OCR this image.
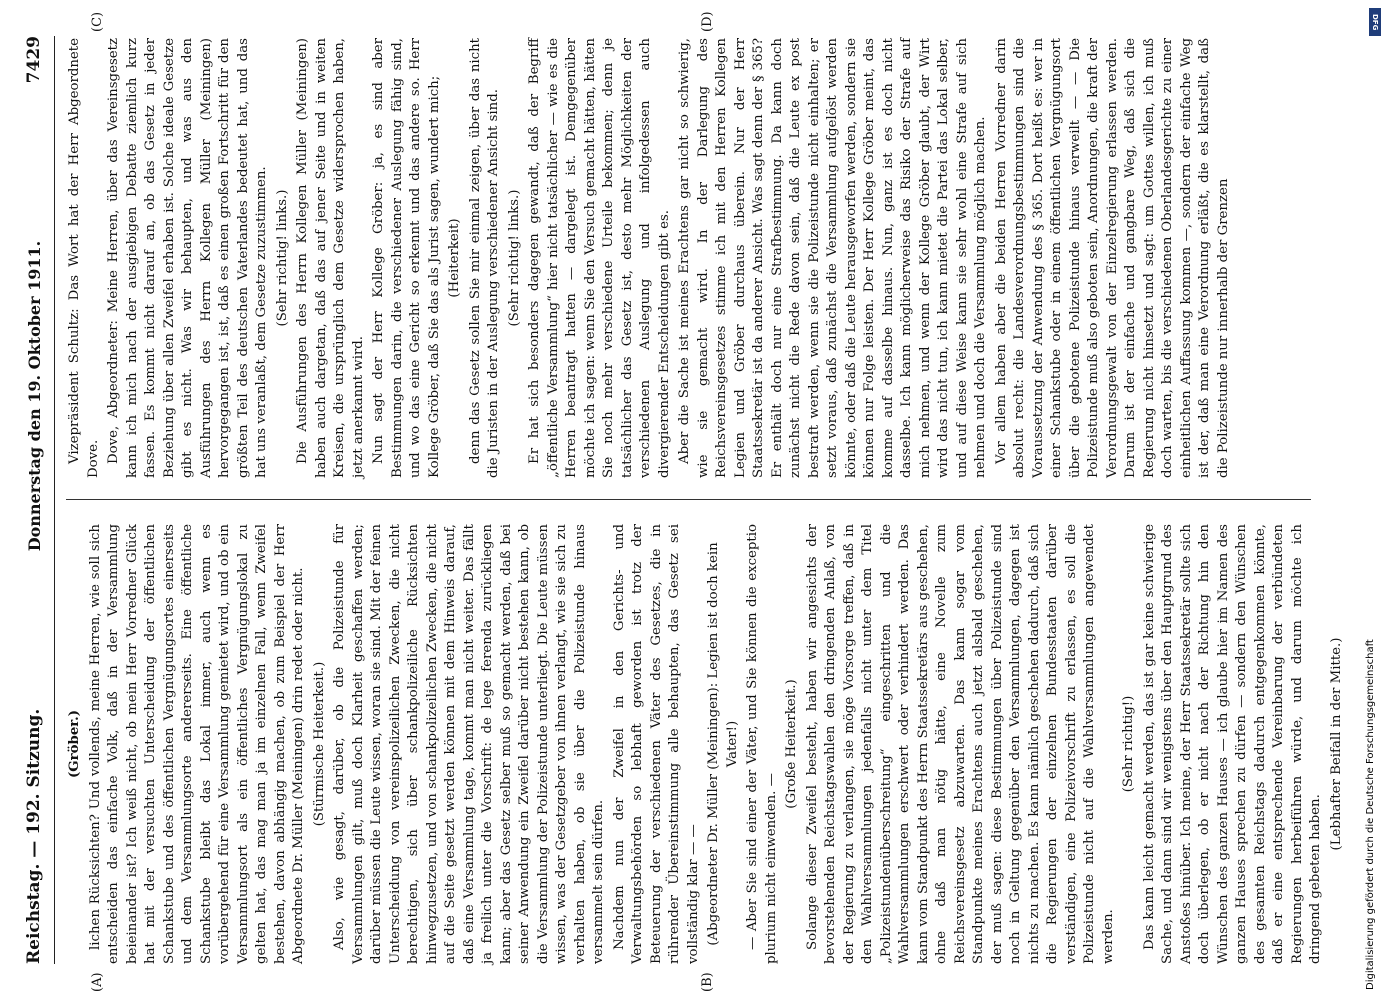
Reichstag. — 192. Sitzung.
Donnerstag den 19. Oktober 1911.
7429
(A)	(B)
(C)	(D)

(Gröber.) lichen Rücksichten? Und vollends, meine Herren, wie soll sich entscheiden das einfache Volk, daß in der Versammlung beieinander ist? Ich weiß nicht, ob mein Herr Vorredner Glück hat mit der versuchten Unterscheidung der öffentlichen Schankstube und des öffentlichen Vergnügungsortes einerseits und dem Versammlungsorte andererseits. Eine öffentliche Schankstube bleibt das Lokal immer, auch wenn es vorübergehend für eine Versammlung gemietet wird, und ob ein Versammlungsort als ein öffentliches Vergnügungslokal zu gelten hat, das mag man ja im einzelnen Fall, wenn Zweifel bestehen, davon abhängig machen, ob zum Beispiel der Herr Abgeordnete Dr. Müller (Meiningen) drin redet oder nicht. (Stürmische Heiterkeit.) Also, wie gesagt, darüber, ob die Polizeistunde für Versammlungen gilt, muß doch Klarheit geschaffen werden; darüber müssen die Leute wissen, woran sie sind. Mit der feinen Unterscheidung von vereinspolizeilichen Zwecken, die nicht berechtigen, sich über schankpolizeiliche Rücksichten hinwegzusetzen, und von schankpolizeilichen Zwecken, die nicht auf die Seite gesetzt werden können mit dem Hinweis darauf, daß eine Versammlung tage, kommt man nicht weiter. Das fällt ja freilich unter die Vorschrift: de lege ferenda zurückliegen kann; aber das Gesetz selber muß so gemacht werden, daß bei seiner Anwendung ein Zweifel darüber nicht bestehen kann, ob die Versammlung der Polizeistunde unterliegt. Die Leute müssen wissen, was der Gesetzgeber von ihnen verlangt, wie sie sich zu verhalten haben, ob sie über die Polizeistunde hinaus versammelt sein dürfen. Nachdem nun der Zweifel in den Gerichts- und Verwaltungsbehörden so lebhaft geworden ist trotz der Beteuerung der verschiedenen Väter des Gesetzes, die in rührender Übereinstimmung alle behaupten, das Gesetz sei vollständig klar — — (Abgeordneter Dr. Müller (Meiningen): Legien ist doch kein Vater!) — Aber Sie sind einer der Väter, und Sie können die exceptio plurium nicht einwenden. —

(Große Heiterkeit.) Solange dieser Zweifel besteht, haben wir angesichts der bevorstehenden Reichstagswahlen den dringenden Anlaß, von der Regierung zu verlangen, sie möge Vorsorge treffen, daß in den Wahlversammlungen jedenfalls nicht unter dem Titel „Polizeistundenüberschreitung“ eingeschritten und die Wahlversammlungen erschwert oder verhindert werden. Das kann vom Standpunkt des Herrn Staatssekretärs aus geschehen, ohne daß man nötig hätte, eine Novelle zum Reichsvereinsgesetz abzuwarten. Das kann sogar vom Standpunkte meines Erachtens auch jetzt alsbald geschehen, der muß sagen: diese Bestimmungen über Polizeistunde sind noch in Geltung gegenüber den Versammlungen, dagegen ist nichts zu machen. Es kann nämlich geschehen dadurch, daß sich die Regierungen der einzelnen Bundesstaaten darüber verständigen, eine Polizeivorschrift zu erlassen, es soll die Polizeistunde nicht auf die Wahlversammlungen angewendet werden.

(Sehr richtig!) Das kann leicht gemacht werden, das ist gar keine schwierige Sache, und dann sind wir wenigstens über den Hauptgrund des Anstoßes hinüber. Ich meine, der Herr Staatssekretär sollte sich doch überlegen, ob er nicht nach der Richtung hin den Wünschen des ganzen Hauses — ich glaube hier im Namen des ganzen Hauses sprechen zu dürfen — sondern den Wünschen des gesamten Reichstags dadurch entgegenkommen könnte, daß er eine entsprechende Vereinbarung der verbündeten Regierungen herbeiführen würde, und darum möchte ich dringend gebeten haben.

(Lebhafter Beifall in der Mitte.)

Vizepräsident Schultz: Das Wort hat der Herr Abgeordnete Dove. Dove, Abgeordneter: Meine Herren, über das Vereinsgesetz kann ich mich nach der ausgiebigen Debatte ziemlich kurz fassen. Es kommt nicht darauf an, ob das Gesetz in jeder Beziehung über allen Zweifel erhaben ist. Solche ideale Gesetze gibt es nicht. Was wir behaupten, und was aus den Ausführungen des Herrn Kollegen Müller (Meiningen) hervorgegangen ist, ist, daß es einen großen Fortschritt für den größten Teil des deutschen Vaterlandes bedeutet hat, und das hat uns veranlaßt, dem Gesetze zuzustimmen. (Sehr richtig! links.) Die Ausführungen des Herrn Kollegen Müller (Meiningen) haben auch dargetan, daß das auf jener Seite und in weiten Kreisen, die ursprünglich dem Gesetze widersprochen haben, jetzt anerkannt wird. Nun sagt der Herr Kollege Gröber: ja, es sind aber Bestimmungen darin, die verschiedener Auslegung fähig sind, und wo das eine Gericht so erkennt und das andere so. Herr Kollege Gröber, daß Sie das als Jurist sagen, wundert mich; (Heiterkeit) denn das Gesetz sollen Sie mir einmal zeigen, über das nicht die Juristen in der Auslegung verschiedener Ansicht sind. (Sehr richtig! links.) Er hat sich besonders dagegen gewandt, daß der Begriff „öffentliche Versammlung“ hier nicht tatsächlicher — wie es die Herren beantragt hatten — dargelegt ist. Demgegenüber möchte ich sagen: wenn Sie den Versuch gemacht hätten, hätten Sie noch mehr verschiedene Urteile bekommen; denn je tatsächlicher das Gesetz ist, desto mehr Möglichkeiten der verschiedenen Auslegung und infolgedessen auch divergierender Entscheidungen gibt es. Aber die Sache ist meines Erachtens gar nicht so schwierig, wie sie gemacht wird. In der Darlegung des Reichsvereinsgesetzes stimme ich mit den Herren Kollegen Legien und Gröber durchaus überein. Nur der Herr Staatssekretär ist da anderer Ansicht. Was sagt denn der § 365? Er enthält doch nur eine Strafbestimmung. Da kann doch zunächst nicht die Rede davon sein, daß die Leute ex post bestraft werden, wenn sie die Polizeistunde nicht einhalten; er setzt voraus, daß zunächst die Versammlung aufgelöst werden könnte, oder daß die Leute herausgeworfen werden, sondern sie können nur Folge leisten. Der Herr Kollege Gröber meint, das komme auf dasselbe hinaus. Nun, ganz ist es doch nicht dasselbe. Ich kann möglicherweise das Risiko der Strafe auf mich nehmen, und wenn der Kollege Gröber glaubt, der Wirt wird das nicht tun, ich kann mietet die Partei das Lokal selber, und auf diese Weise kann sie sehr wohl eine Strafe auf sich nehmen und doch die Versammlung möglich machen. Vor allem haben aber die beiden Herren Vorredner darin absolut recht: die Landesverordnungsbestimmungen sind die Voraussetzung der Anwendung des § 365. Dort heißt es: wer in einer Schankstube oder in einem öffentlichen Vergnügungsort über die gebotene Polizeistunde hinaus verweilt — — Die Polizeistunde muß also geboten sein, Anordnungen, die kraft der Verordnungsgewalt von der Einzelregierung erlassen werden. Darum ist der einfache und gangbare Weg, daß sich die Regierung nicht hinsetzt und sagt: um Gottes willen, ich muß doch warten, bis die verschiedenen Oberlandesgerichte zu einer einheitlichen Auffassung kommen —, sondern der einfache Weg ist der, daß man eine Verordnung erläßt, die es klarstellt, daß die Polizeistunde nur innerhalb der Grenzen

DFG
Digitalisierung gefördert durch die Deutsche Forschungsgemeinschaft
